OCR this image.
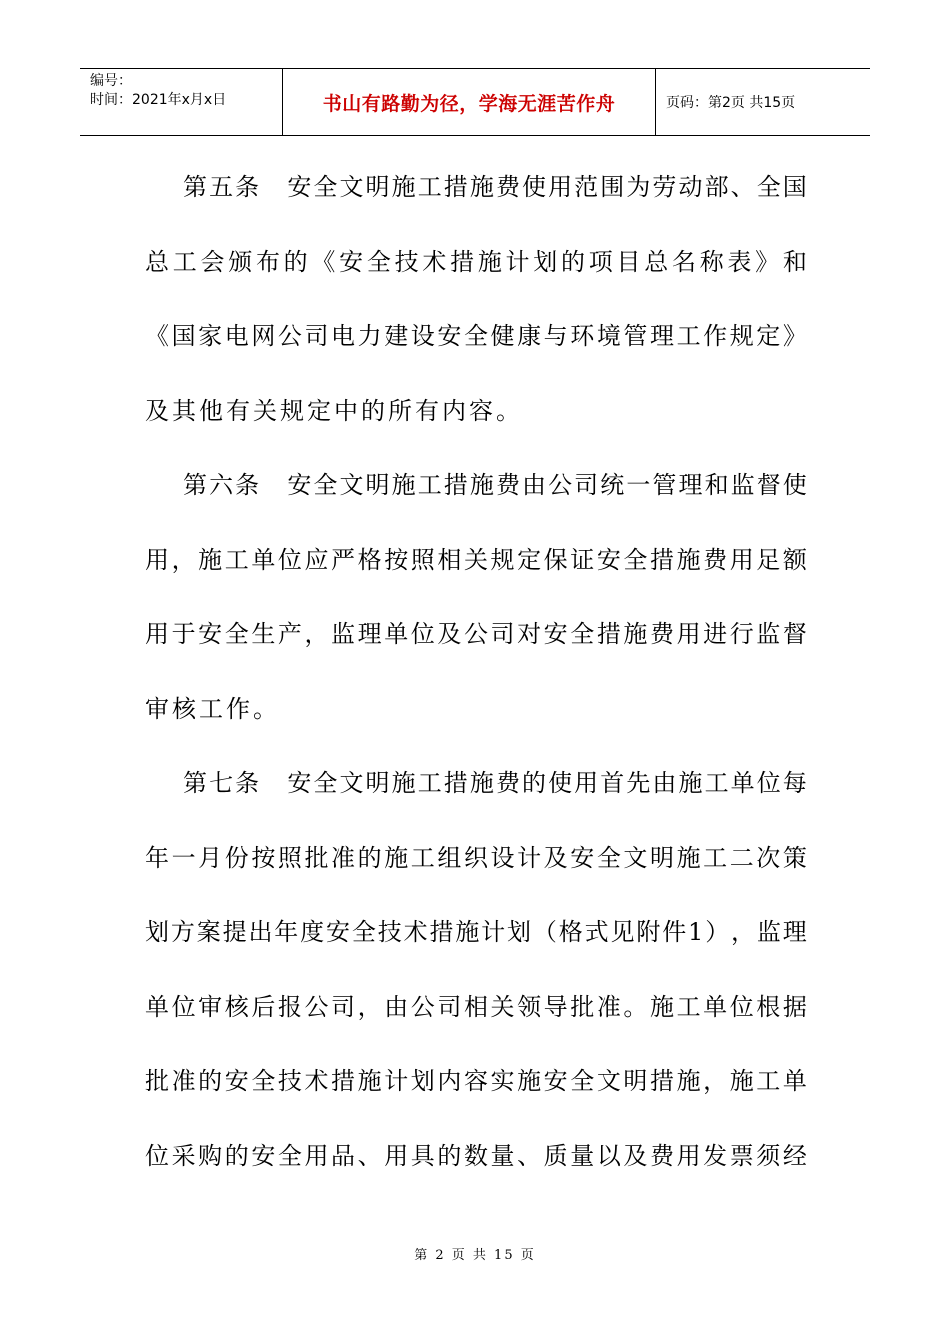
编号：
时间：2021年x月x日	书山有路勤为径，学海无涯苦作舟	页码：第2页 共15页
第 五 条
　 安 全 文 明 施 工 措 施 费 使 用 范 围 为 劳 动 部 、 全 国
总 工 会 颁 布 的 《 安 全 技 术 措 施 计 划 的 项 目 总 名 称 表 》 和
《 国 家 电 网 公 司 电 力 建 设 安 全 健 康 与 环 境 管 理 工 作 规 定 》
及其他有关规定中的所有内容。
第 六 条
　 安 全 文 明 施 工 措 施 费 由 公 司 统 一 管 理 和 监 督 使
用 ， 施 工 单 位 应 严 格 按 照 相 关 规 定 保 证 安 全 措 施 费 用 足 额
用 于 安 全 生 产 ， 监 理 单 位 及 公 司 对 安 全 措 施 费 用 进 行 监 督
审核工作。
第 七 条
　 安 全 文 明 施 工 措 施 费 的 使 用 首 先 由 施 工 单 位 每
年 一 月 份 按 照 批 准 的 施 工 组 织 设 计 及 安 全 文 明 施 工 二 次 策
划 方 案 提 出 年 度 安 全 技 术 措 施 计 划 （ 格 式 见 附 件 1 ） ， 监 理
单 位 审 核 后 报 公 司 ， 由 公 司 相 关 领 导 批 准 。 施 工 单 位 根 据
批 准 的 安 全 技 术 措 施 计 划 内 容 实 施 安 全 文 明 措 施 ， 施 工 单
位 采 购 的 安 全 用 品 、 用 具 的 数 量 、 质 量 以 及 费 用 发 票 须 经
第 2 页 共 15 页
